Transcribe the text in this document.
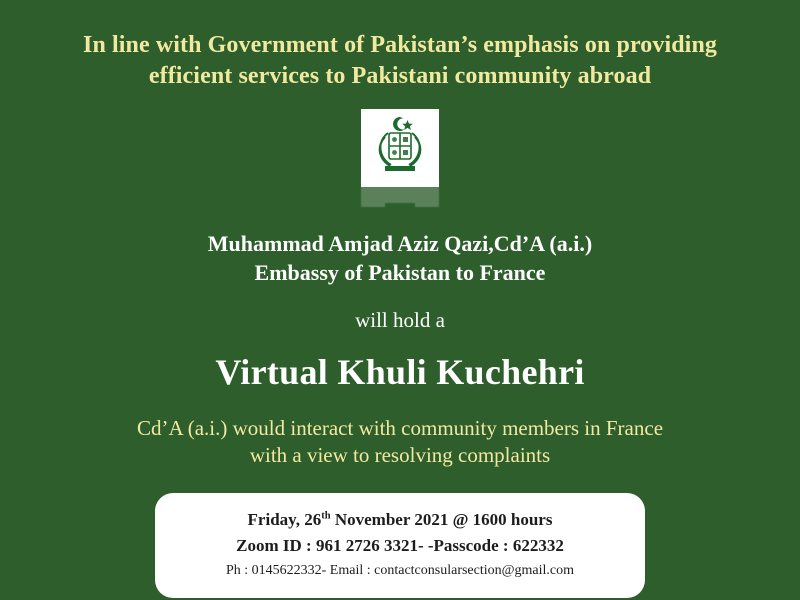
In line with Government of Pakistan’s emphasis on providing
efficient services to Pakistani community abroad
Muhammad Amjad Aziz Qazi,Cd’A (a.i.)
Embassy of Pakistan to France
will hold a
Virtual Khuli Kuchehri
Cd’A (a.i.) would interact with community members in France
with a view to resolving complaints
Friday, 26th November 2021 @ 1600 hours
Zoom ID : 961 2726 3321- -Passcode : 622332
Ph : 0145622332- Email : contactconsularsection@gmail.com
